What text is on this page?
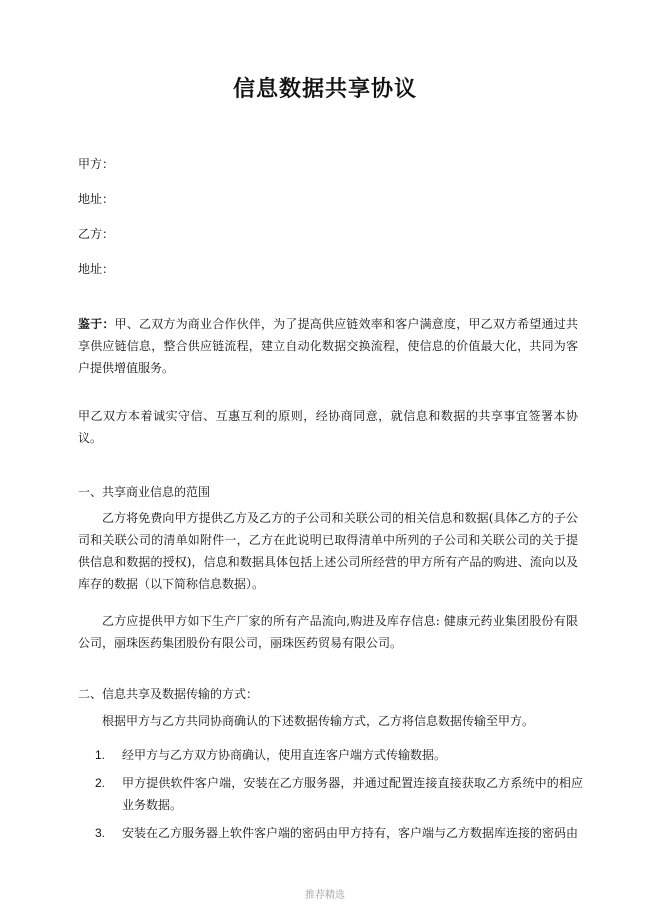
信息数据共享协议
甲方：
地址：
乙方：
地址：
鉴于：甲、乙双方为商业合作伙伴，为了提高供应链效率和客户满意度，甲乙双方希望通过共享供应链信息，整合供应链流程，建立自动化数据交换流程，使信息的价值最大化，共同为客户提供增值服务。
甲乙双方本着诚实守信、互惠互利的原则，经协商同意，就信息和数据的共享事宜签署本协议。
一、共享商业信息的范围
乙方将免费向甲方提供乙方及乙方的子公司和关联公司的相关信息和数据(具体乙方的子公司和关联公司的清单如附件一，乙方在此说明已取得清单中所列的子公司和关联公司的关于提供信息和数据的授权)，信息和数据具体包括上述公司所经营的甲方所有产品的购进、流向以及库存的数据（以下简称信息数据）。
乙方应提供甲方如下生产厂家的所有产品流向,购进及库存信息: 健康元药业集团股份有限公司，丽珠医药集团股份有限公司，丽珠医药贸易有限公司。
二、信息共享及数据传输的方式：
根据甲方与乙方共同协商确认的下述数据传输方式，乙方将信息数据传输至甲方。
1. 经甲方与乙方双方协商确认，使用直连客户端方式传输数据。
2. 甲方提供软件客户端，安装在乙方服务器，并通过配置连接直接获取乙方系统中的相应业务数据。
3. 安装在乙方服务器上软件客户端的密码由甲方持有，客户端与乙方数据库连接的密码由
推荐精选
